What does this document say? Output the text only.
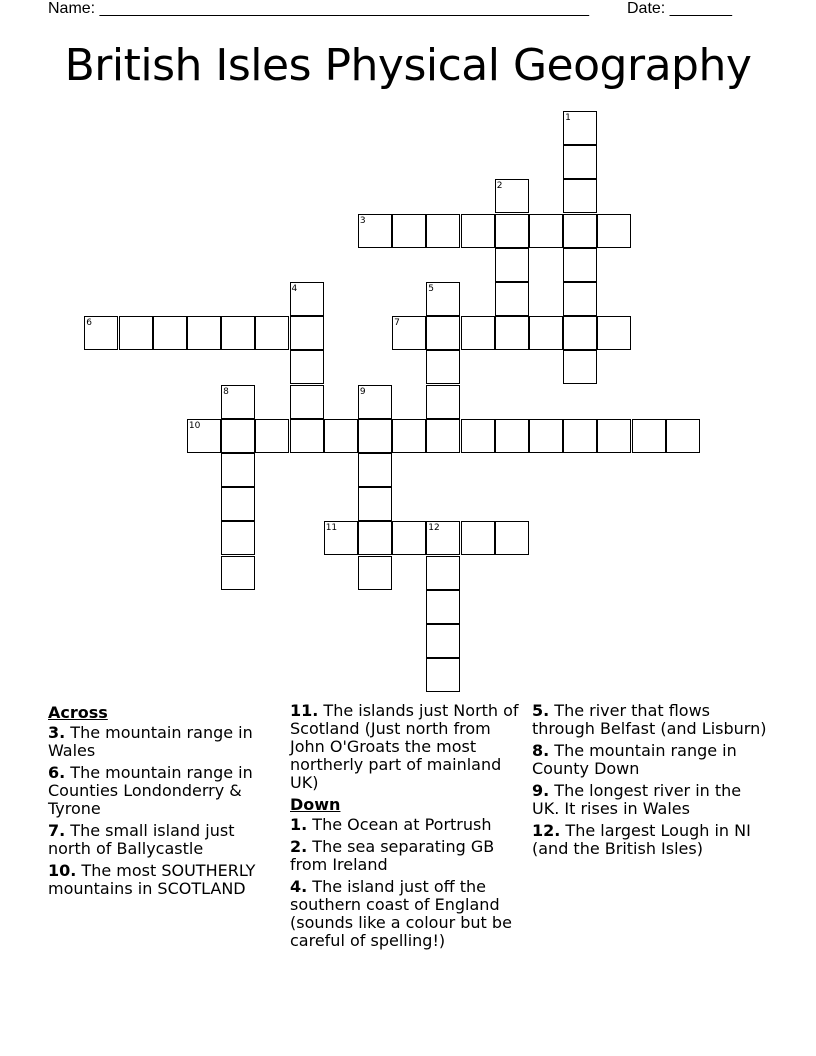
Name: _______________________________________________________ Date: _______
British Isles Physical Geography
1
2
3
4	5
6	7
8	9
10
11	12
Across
3. The mountain range in Wales
6. The mountain range in Counties Londonderry & Tyrone
7. The small island just north of Ballycastle
10. The most SOUTHERLY mountains in SCOTLAND
11. The islands just North of Scotland (Just north from John O'Groats the most northerly part of mainland UK)
Down
1. The Ocean at Portrush
2. The sea separating GB from Ireland
4. The island just off the southern coast of England (sounds like a colour but be careful of spelling!)
5. The river that flows through Belfast (and Lisburn)
8. The mountain range in County Down
9. The longest river in the UK. It rises in Wales
12. The largest Lough in NI (and the British Isles)
